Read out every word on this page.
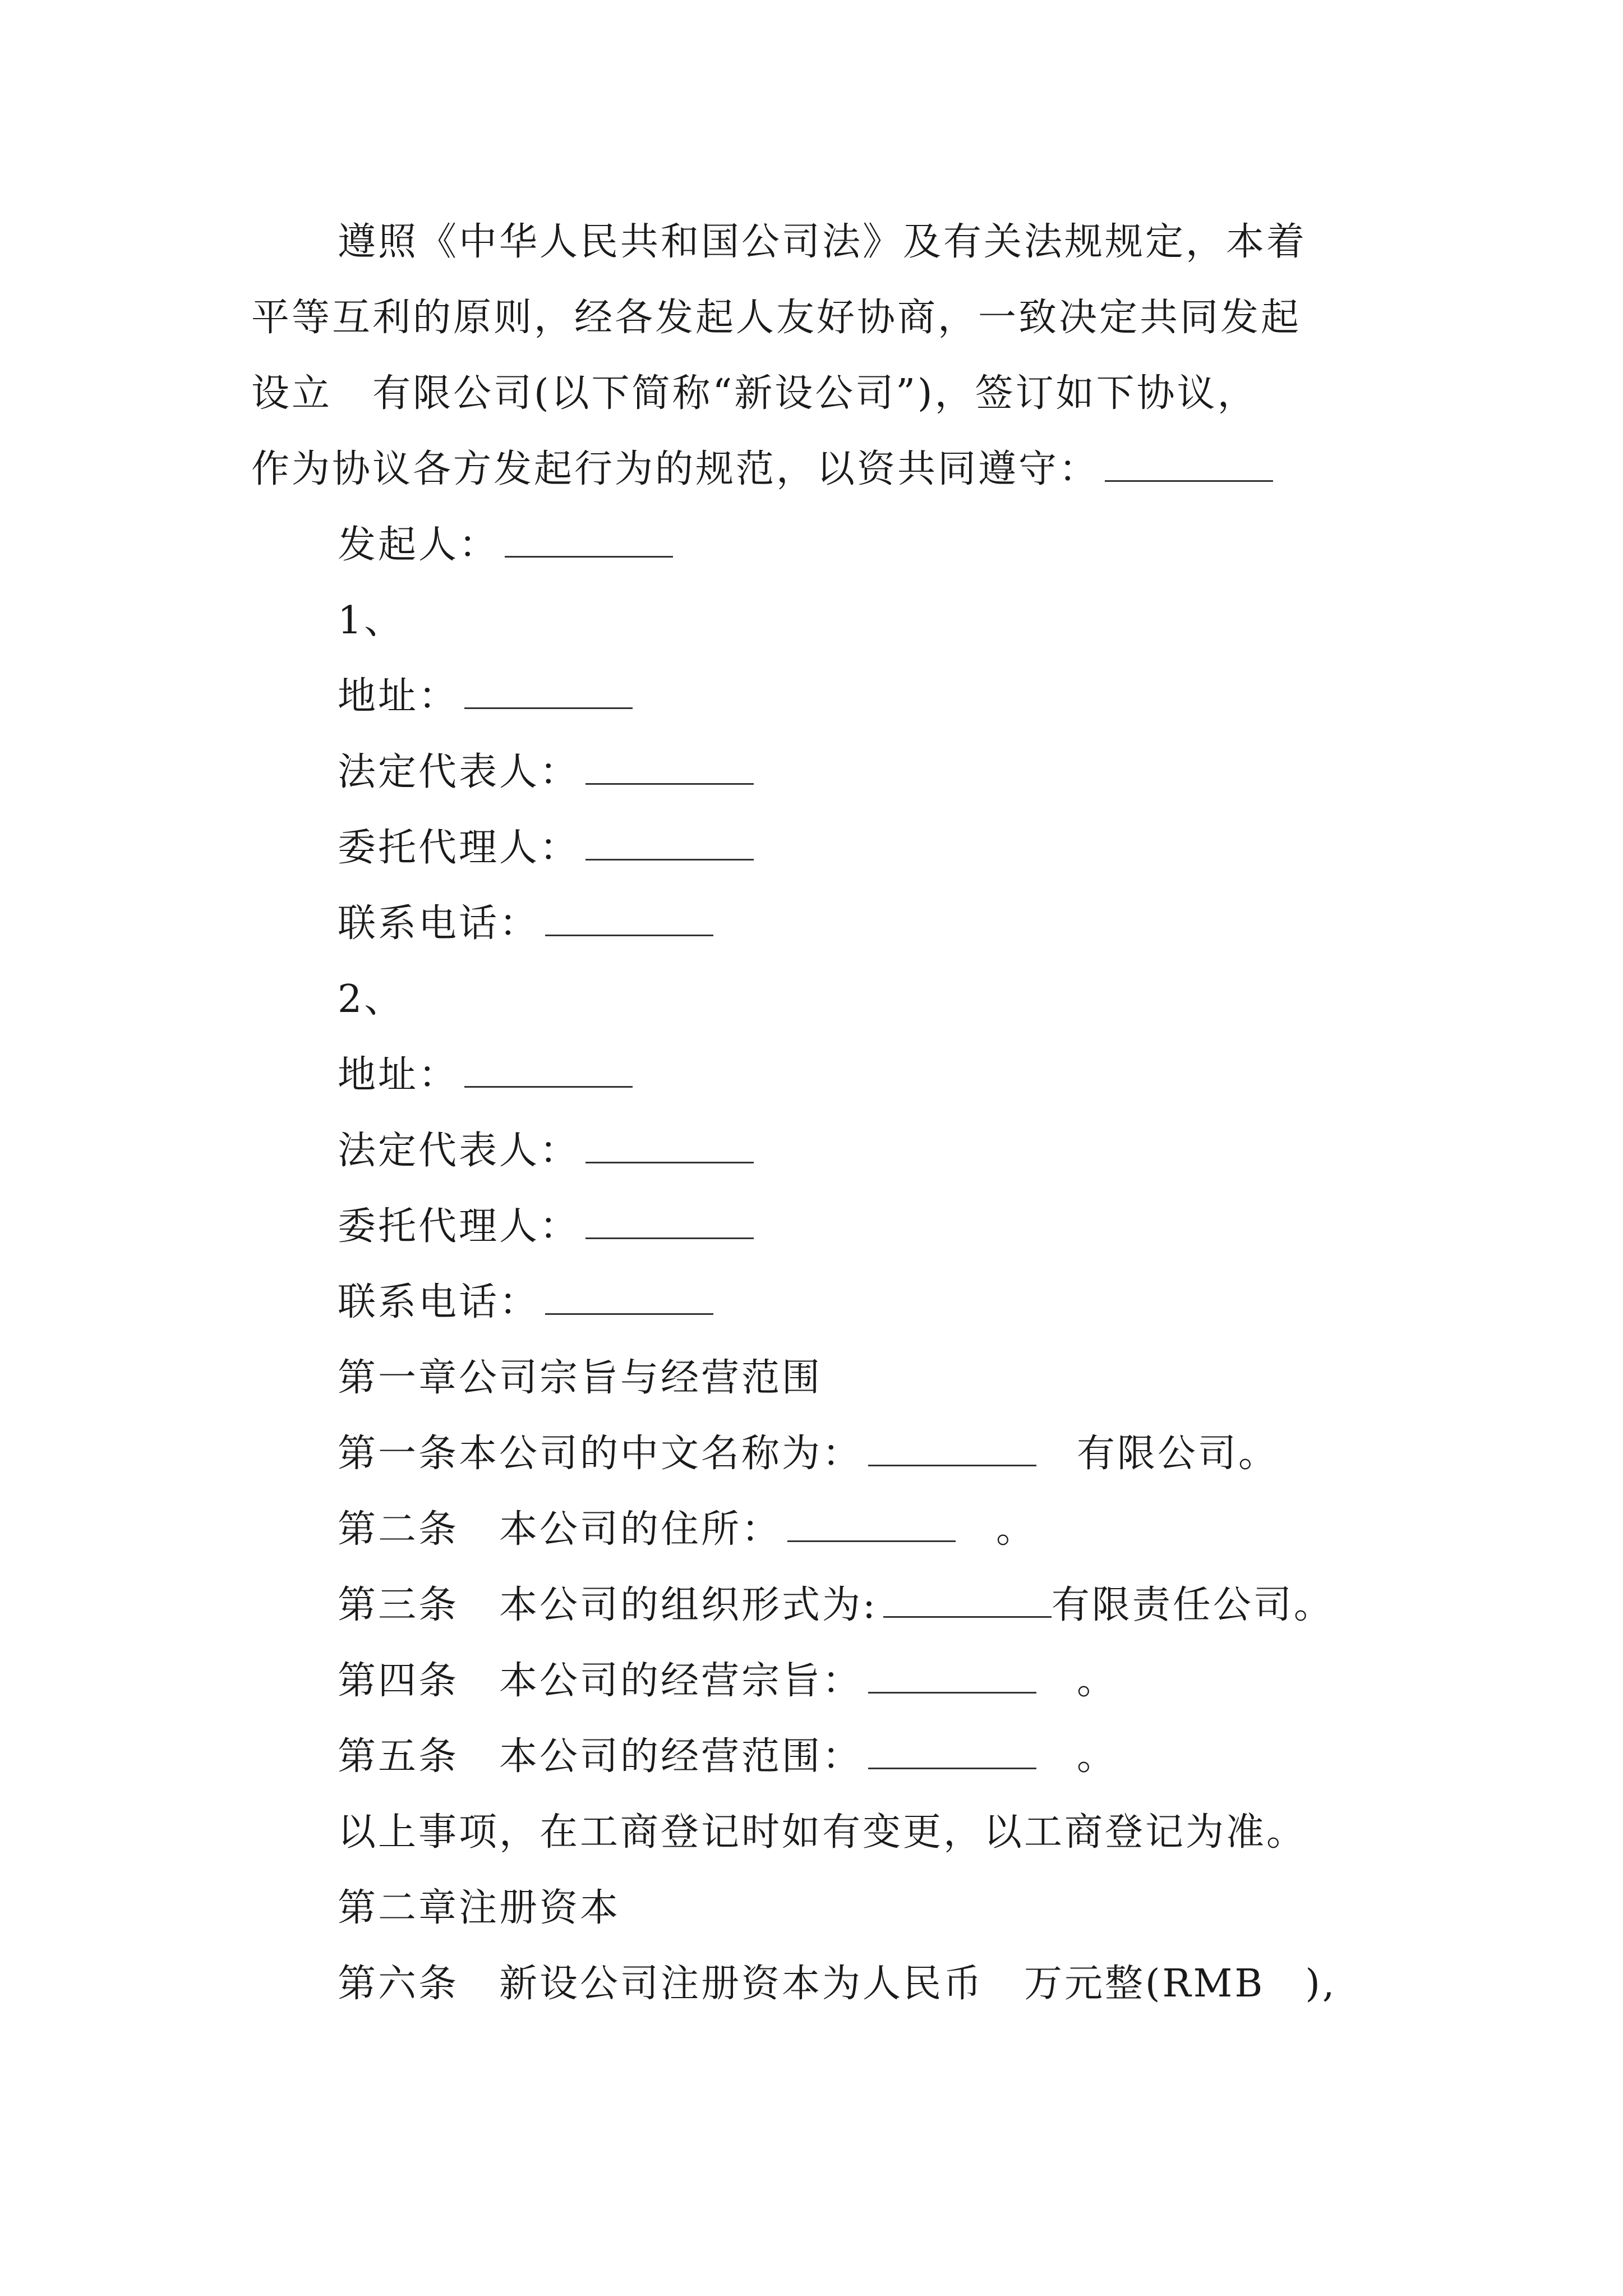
遵照《中华人民共和国公司法》及有关法规规定，本着
平等互利的原则，经各发起人友好协商，一致决定共同发起
设立　有限公司(以下简称“新设公司”)，签订如下协议，
作为协议各方发起行为的规范，以资共同遵守：
发起人：
1、
地址：
法定代表人：
委托代理人：
联系电话：
2、
地址：
法定代表人：
委托代理人：
联系电话：
第一章公司宗旨与经营范围
第一条本公司的中文名称为：	　有限公司。
第二条　本公司的住所：	　。
第三条　本公司的组织形式为:	有限责任公司。
第四条　本公司的经营宗旨：	　。
第五条　本公司的经营范围：	　。
以上事项，在工商登记时如有变更，以工商登记为准。
第二章注册资本
第六条　新设公司注册资本为人民币　万元整(RMB　),
